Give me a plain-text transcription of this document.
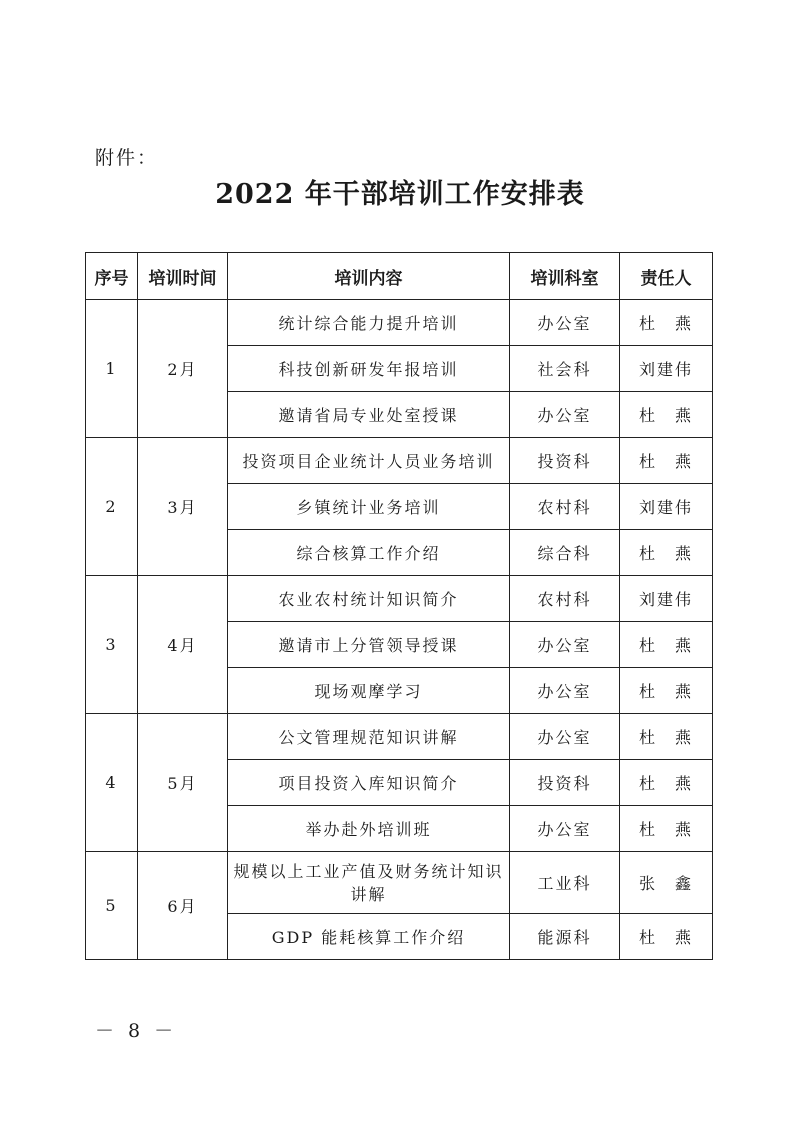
附件：
2022 年干部培训工作安排表
序号	培训时间	培训内容	培训科室	责任人
1	2月	统计综合能力提升培训	办公室	杜　燕
		科技创新研发年报培训	社会科	刘建伟
		邀请省局专业处室授课	办公室	杜　燕
2	3月	投资项目企业统计人员业务培训	投资科	杜　燕
		乡镇统计业务培训	农村科	刘建伟
		综合核算工作介绍	综合科	杜　燕
3	4月	农业农村统计知识简介	农村科	刘建伟
		邀请市上分管领导授课	办公室	杜　燕
		现场观摩学习	办公室	杜　燕
4	5月	公文管理规范知识讲解	办公室	杜　燕
		项目投资入库知识简介	投资科	杜　燕
		举办赴外培训班	办公室	杜　燕
5	6月	规模以上工业产值及财务统计知识讲解	工业科	张　鑫
		GDP 能耗核算工作介绍	能源科	杜　燕
－ 8 －
